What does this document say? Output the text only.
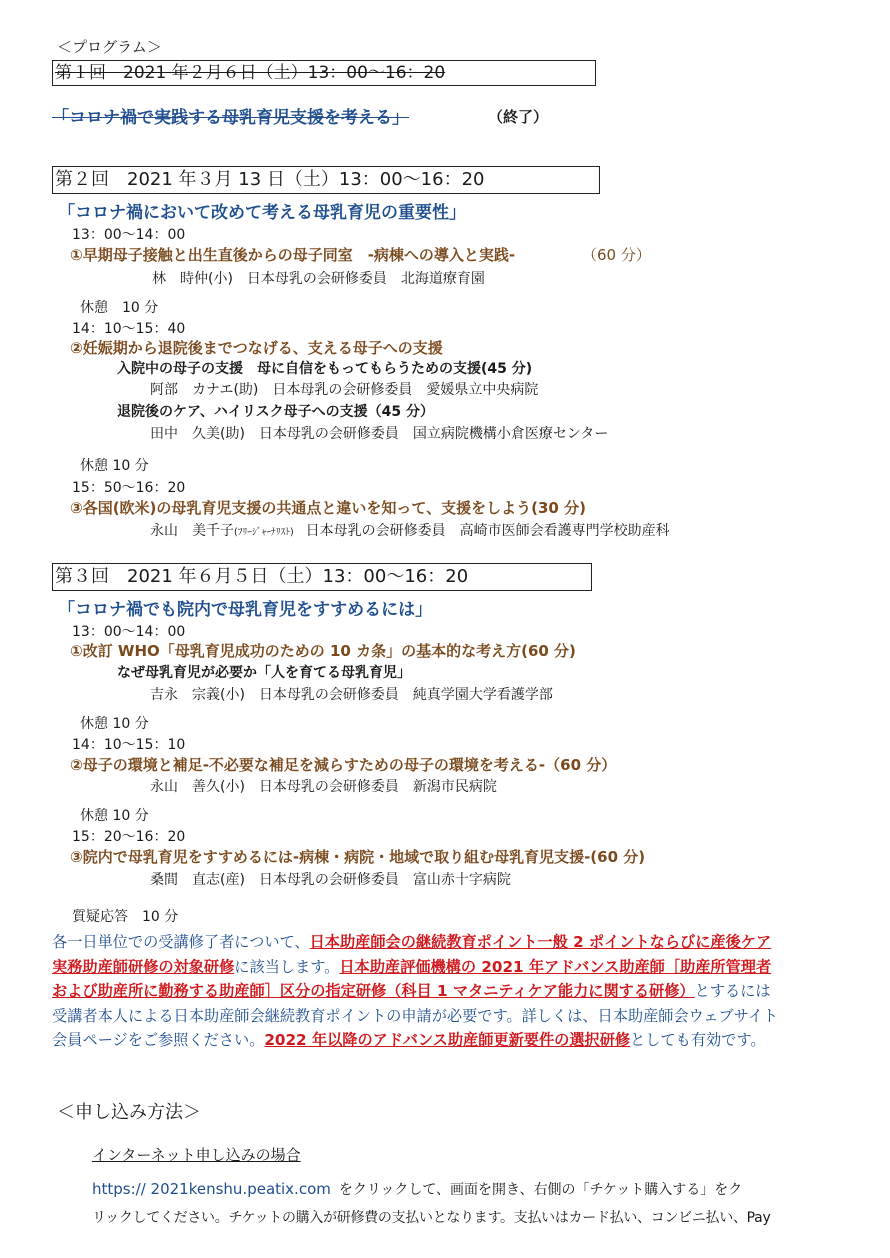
＜プログラム＞
第１回　2021 年２月６日（土）13：00～16：20
「コロナ禍で実践する母乳育児支援を考える」	（終了）
第２回　2021 年３月 13 日（土）13：00～16：20
「コロナ禍において改めて考える母乳育児の重要性」
13：00～14：00
①早期母子接触と出生直後からの母子同室　-病棟への導入と実践-	（60 分）
林　時仲(小)　日本母乳の会研修委員　北海道療育園
休憩　10 分
14：10～15：40
②妊娠期から退院後までつなげる、支える母子への支援
入院中の母子の支援　母に自信をもってもらうための支援(45 分)
阿部　カナエ(助)　日本母乳の会研修委員　愛媛県立中央病院
退院後のケア、ハイリスク母子への支援（45 分）
田中　久美(助)　日本母乳の会研修委員　国立病院機構小倉医療センター
休憩 10 分
15：50～16：20
③各国(欧米)の母乳育児支援の共通点と違いを知って、支援をしよう(30 分)
永山　美千子(ﾌﾘｰｼﾞｬｰﾅﾘｽﾄ) 日本母乳の会研修委員　高崎市医師会看護専門学校助産科
第３回　2021 年６月５日（土）13：00～16：20
「コロナ禍でも院内で母乳育児をすすめるには」
13：00～14：00
①改訂 WHO「母乳育児成功のための 10 カ条」の基本的な考え方(60 分)
なぜ母乳育児が必要か「人を育てる母乳育児」
吉永　宗義(小)　日本母乳の会研修委員　純真学園大学看護学部
休憩 10 分
14：10～15：10
②母子の環境と補足-不必要な補足を減らすための母子の環境を考える-（60 分）
永山　善久(小)　日本母乳の会研修委員　新潟市民病院
休憩 10 分
15：20～16：20
③院内で母乳育児をすすめるには-病棟・病院・地域で取り組む母乳育児支援-(60 分)
桑間　直志(産)　日本母乳の会研修委員　富山赤十字病院
質疑応答　10 分
各一日単位での受講修了者について、日本助産師会の継続教育ポイント一般 2 ポイントならびに産後ケア
実務助産師研修の対象研修に該当します。日本助産評価機構の 2021 年アドバンス助産師［助産所管理者
および助産所に勤務する助産師］区分の指定研修（科目 1 マタニティケア能力に関する研修）とするには
受講者本人による日本助産師会継続教育ポイントの申請が必要です。詳しくは、日本助産師会ウェブサイト
会員ページをご参照ください。2022 年以降のアドバンス助産師更新要件の選択研修としても有効です。
＜申し込み方法＞
インターネット申し込みの場合
https:// 2021kenshu.peatix.com をクリックして、画面を開き、右側の「チケット購入する」をク
リックしてください。チケットの購入が研修費の支払いとなります。支払いはカード払い、コンビニ払い、Pay
